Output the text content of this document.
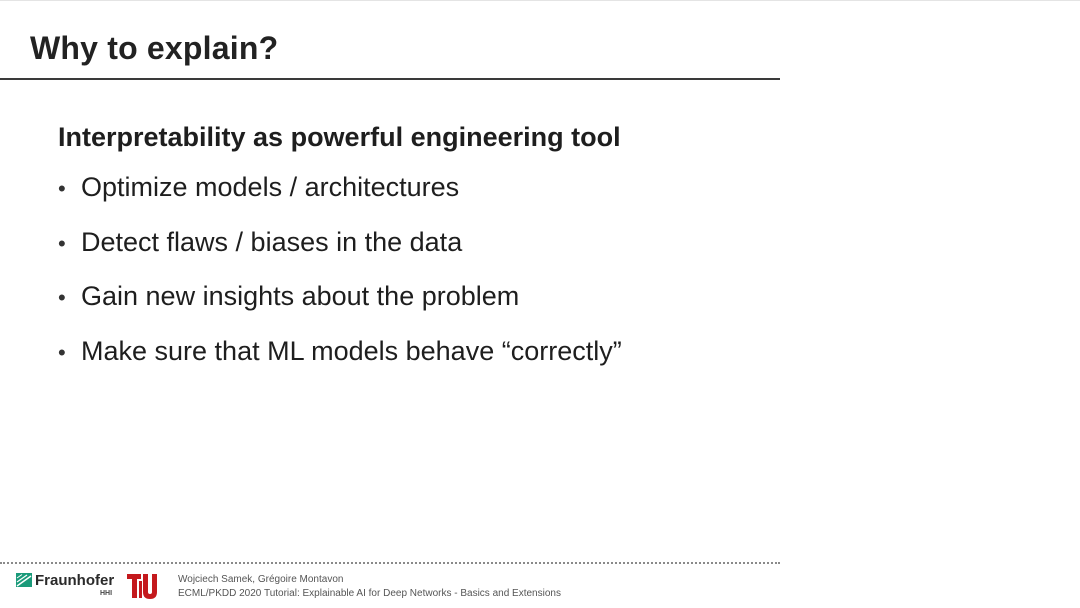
Why to explain?
Interpretability as powerful engineering tool
• Optimize models / architectures
• Detect flaws / biases in the data
• Gain new insights about the problem
• Make sure that ML models behave “correctly”
Fraunhofer
HHI
Wojciech Samek, Grégoire Montavon
ECML/PKDD 2020 Tutorial: Explainable AI for Deep Networks - Basics and Extensions
